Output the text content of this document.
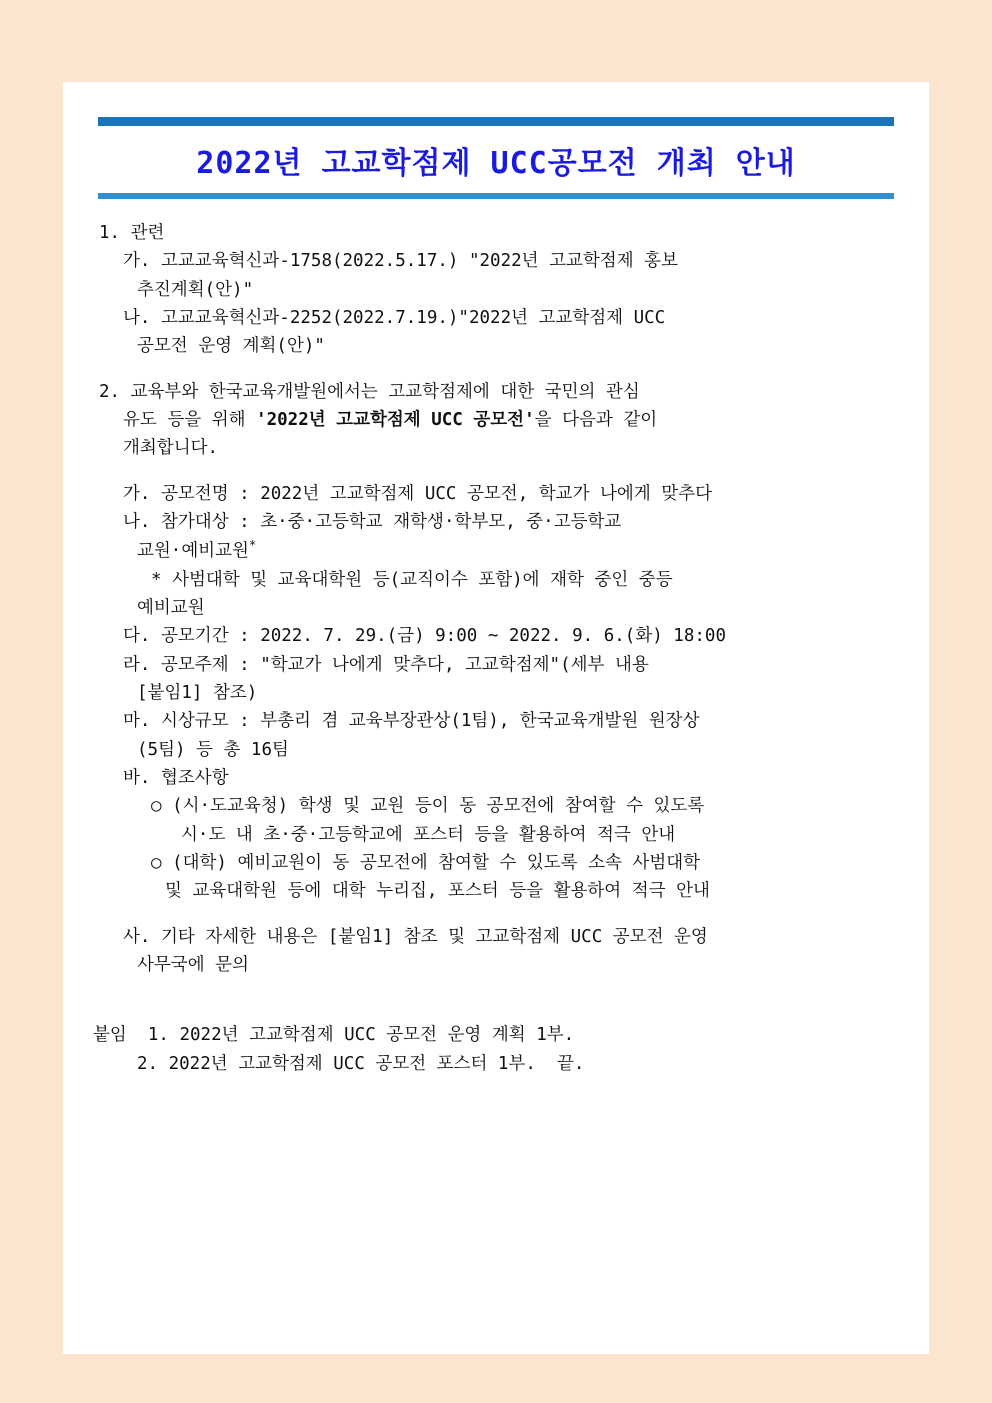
2022년 고교학점제 UCC공모전 개최 안내
1. 관련
가. 고교교육혁신과-1758(2022.5.17.) "2022년 고교학점제 홍보
추진계획(안)"
나. 고교교육혁신과-2252(2022.7.19.)"2022년 고교학점제 UCC
공모전 운영 계획(안)"
2. 교육부와 한국교육개발원에서는 고교학점제에 대한 국민의 관심
유도 등을 위해 '2022년 고교학점제 UCC 공모전'을 다음과 같이
개최합니다.
가. 공모전명 : 2022년 고교학점제 UCC 공모전, 학교가 나에게 맞추다
나. 참가대상 : 초·중·고등학교 재학생·학부모, 중·고등학교
교원·예비교원*
* 사범대학 및 교육대학원 등(교직이수 포함)에 재학 중인 중등
예비교원
다. 공모기간 : 2022. 7. 29.(금) 9:00 ~ 2022. 9. 6.(화) 18:00
라. 공모주제 : "학교가 나에게 맞추다, 고교학점제"(세부 내용
[붙임1] 참조)
마. 시상규모 : 부총리 겸 교육부장관상(1팀), 한국교육개발원 원장상
(5팀) 등 총 16팀
바. 협조사항
○ (시·도교육청) 학생 및 교원 등이 동 공모전에 참여할 수 있도록
시·도 내 초·중·고등학교에 포스터 등을 활용하여 적극 안내
○ (대학) 예비교원이 동 공모전에 참여할 수 있도록 소속 사범대학
및 교육대학원 등에 대학 누리집, 포스터 등을 활용하여 적극 안내
사. 기타 자세한 내용은 [붙임1] 참조 및 고교학점제 UCC 공모전 운영
사무국에 문의
붙임  1. 2022년 고교학점제 UCC 공모전 운영 계획 1부.
2. 2022년 고교학점제 UCC 공모전 포스터 1부.  끝.
